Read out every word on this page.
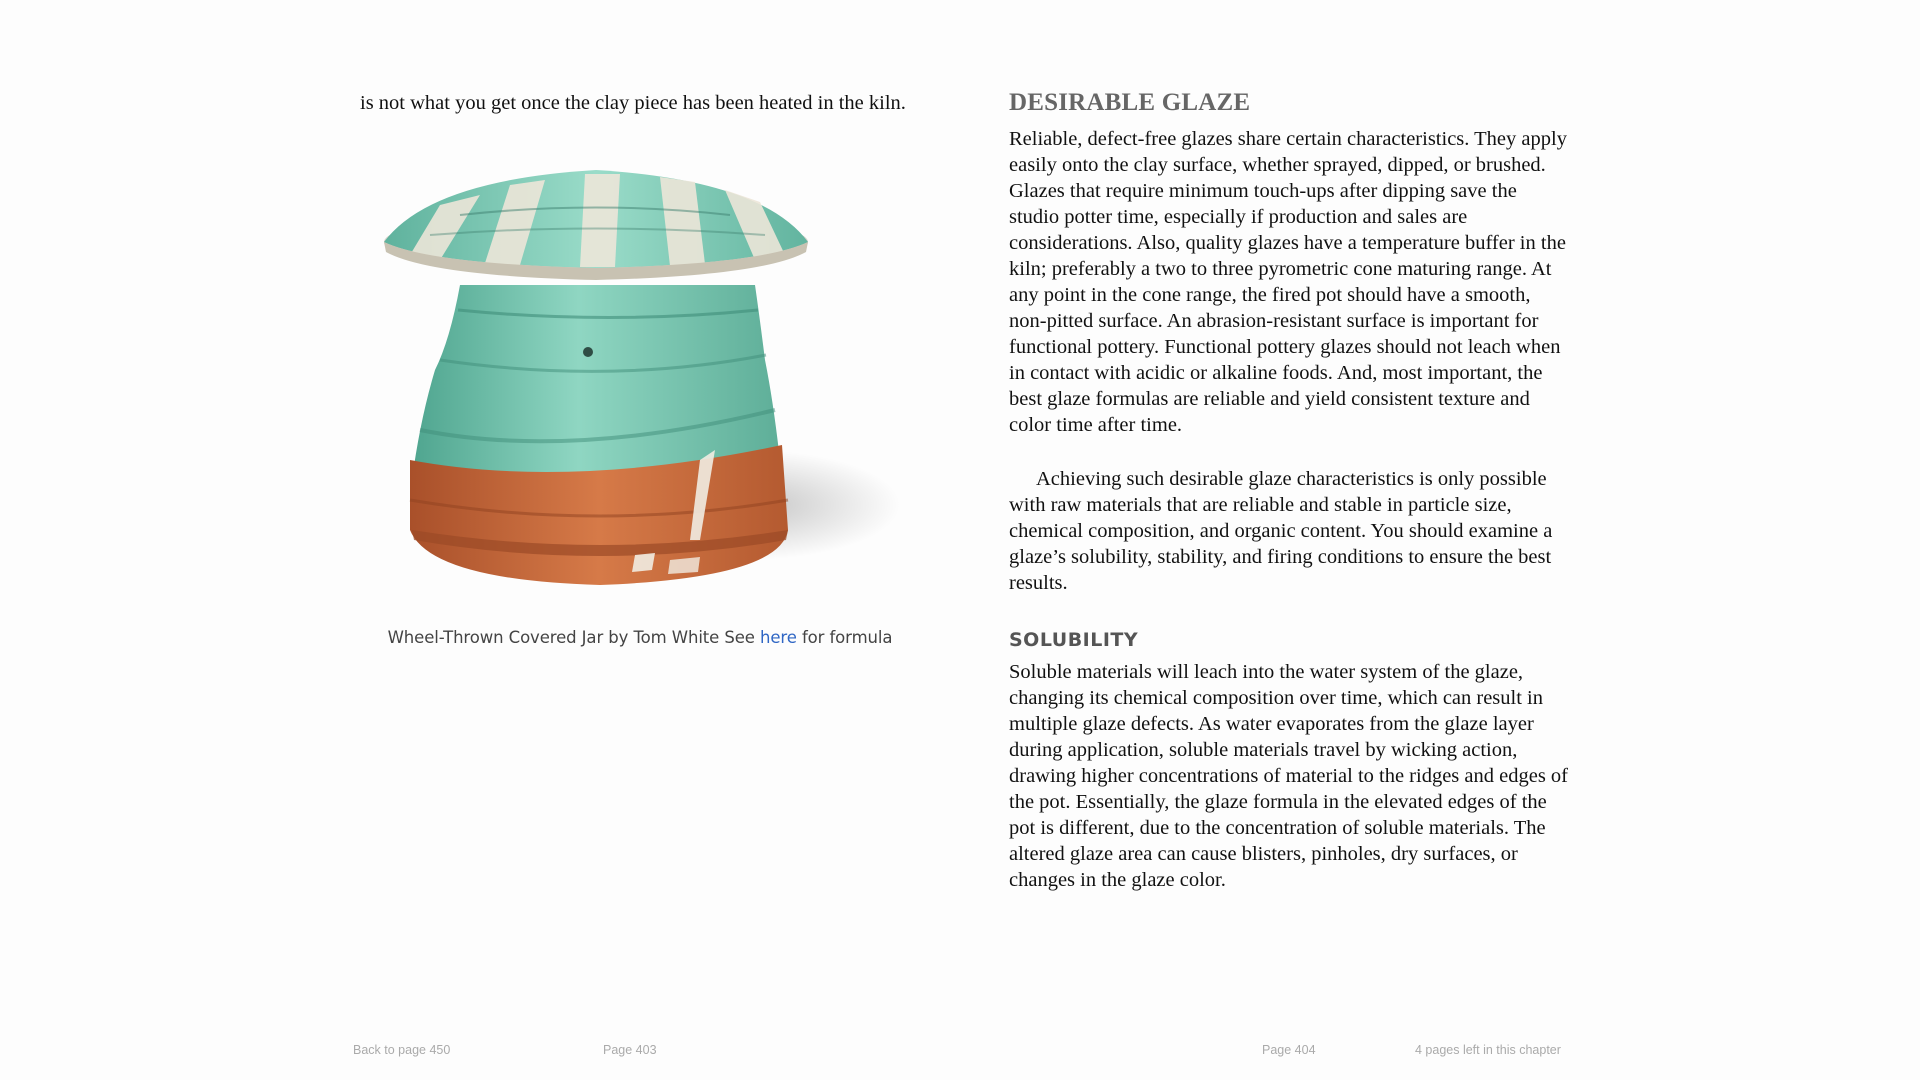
is not what you get once the clay piece has been heated in the kiln.

Wheel-Thrown Covered Jar by Tom White See here for formula
DESIRABLE GLAZE

Reliable, defect-free glazes share certain characteristics. They apply easily onto the clay surface, whether sprayed, dipped, or brushed. Glazes that require minimum touch-ups after dipping save the studio potter time, especially if production and sales are considerations. Also, quality glazes have a temperature buffer in the kiln; preferably a two to three pyrometric cone maturing range. At any point in the cone range, the fired pot should have a smooth, non-pitted surface. An abrasion-resistant surface is important for functional pottery. Functional pottery glazes should not leach when in contact with acidic or alkaline foods. And, most important, the best glaze formulas are reliable and yield consistent texture and color time after time.

Achieving such desirable glaze characteristics is only possible with raw materials that are reliable and stable in particle size, chemical composition, and organic content. You should examine a glaze’s solubility, stability, and firing conditions to ensure the best results.

SOLUBILITY

Soluble materials will leach into the water system of the glaze, changing its chemical composition over time, which can result in multiple glaze defects. As water evaporates from the glaze layer during application, soluble materials travel by wicking action, drawing higher concentrations of material to the ridges and edges of the pot. Essentially, the glaze formula in the elevated edges of the pot is different, due to the concentration of soluble materials. The altered glaze area can cause blisters, pinholes, dry surfaces, or changes in the glaze color.

Back to page 450	Page 403	Page 404	4 pages left in this chapter
